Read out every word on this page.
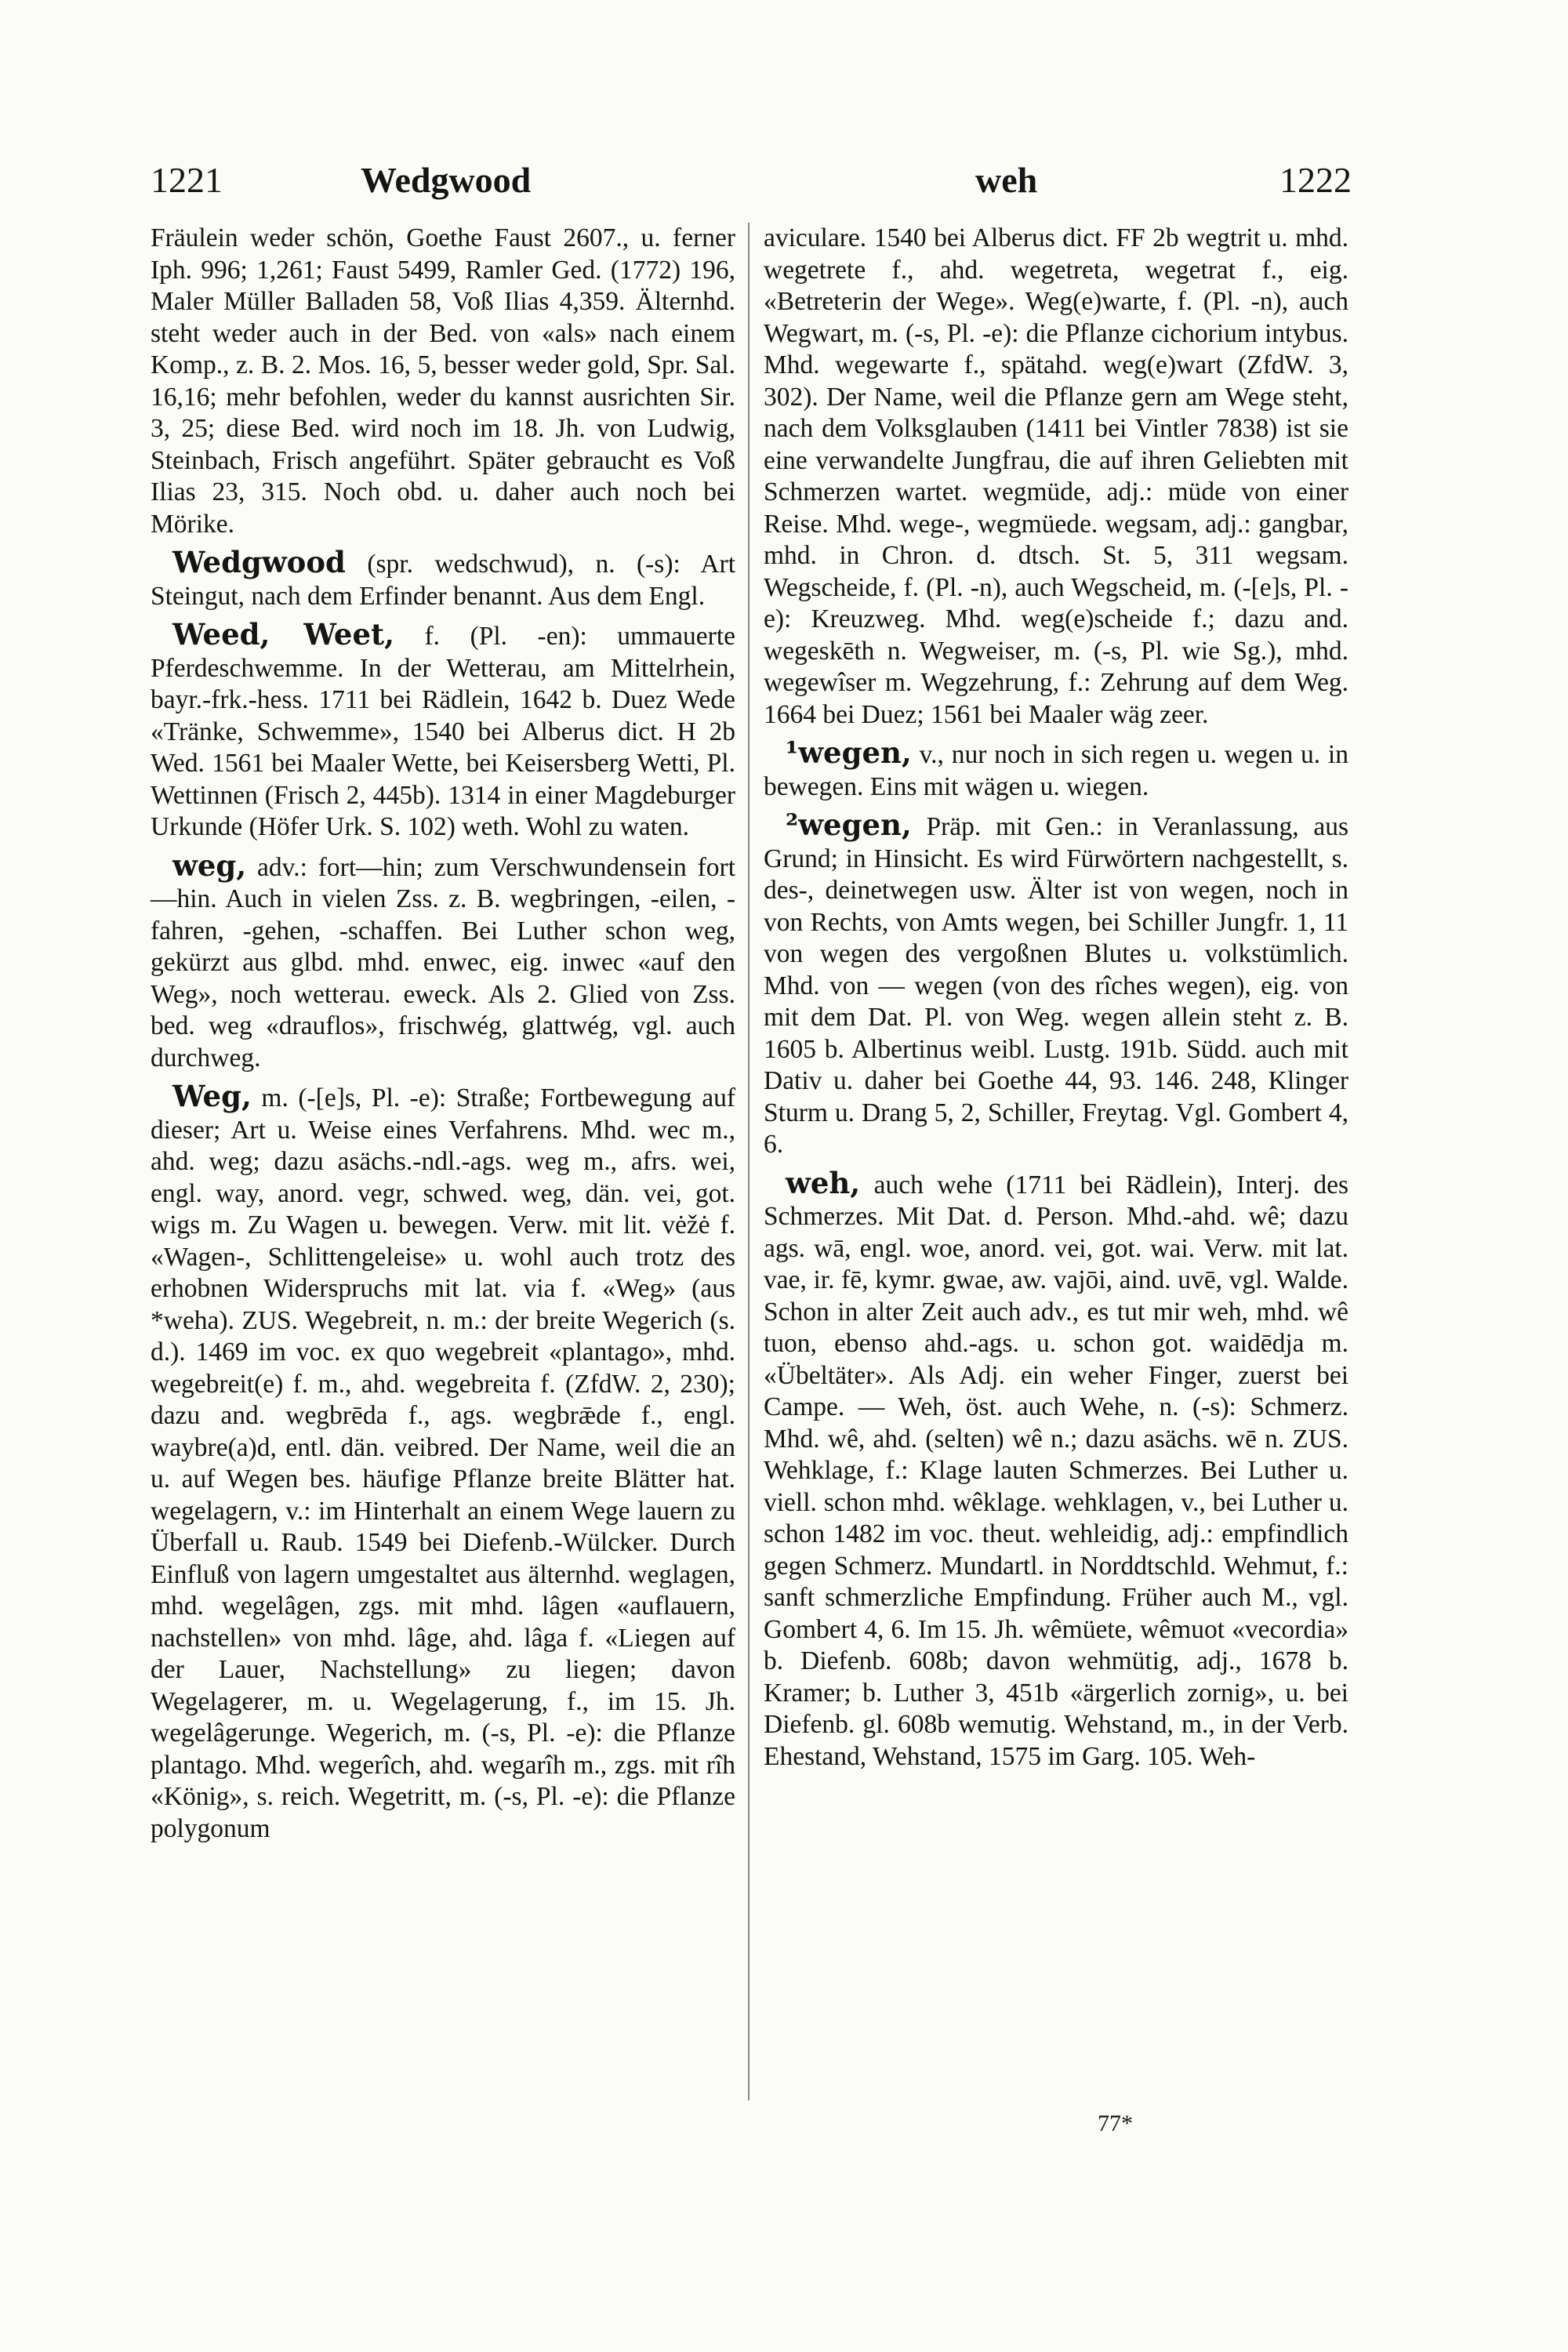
1221	Wedgwood	weh	1222

Fräulein weder schön, Goethe Faust 2607., u. ferner Iph. 996; 1,261; Faust 5499, Ramler Ged. (1772) 196, Maler Müller Balladen 58, Voß Ilias 4,359. Älternhd. steht weder auch in der Bed. von «als» nach einem Komp., z. B. 2. Mos. 16, 5, besser weder gold, Spr. Sal. 16,16; mehr befohlen, weder du kannst ausrichten Sir. 3, 25; diese Bed. wird noch im 18. Jh. von Ludwig, Steinbach, Frisch angeführt. Später gebraucht es Voß Ilias 23, 315. Noch obd. u. daher auch noch bei Mörike.

Wedgwood (spr. wedschwud), n. (-s): Art Steingut, nach dem Erfinder benannt. Aus dem Engl.

Weed, Weet, f. (Pl. -en): ummauerte Pferdeschwemme. In der Wetterau, am Mittelrhein, bayr.-frk.-hess. 1711 bei Rädlein, 1642 b. Duez Wede «Tränke, Schwemme», 1540 bei Alberus dict. H 2b Wed. 1561 bei Maaler Wette, bei Keisersberg Wetti, Pl. Wettinnen (Frisch 2, 445b). 1314 in einer Magdeburger Urkunde (Höfer Urk. S. 102) weth. Wohl zu waten.

weg, adv.: fort—hin; zum Verschwundensein fort—hin. Auch in vielen Zss. z. B. wegbringen, -eilen, -fahren, -gehen, -schaffen. Bei Luther schon weg, gekürzt aus glbd. mhd. enwec, eig. inwec «auf den Weg», noch wetterau. eweck. Als 2. Glied von Zss. bed. weg «drauflos», frischwég, glattwég, vgl. auch durchweg.

Weg, m. (-[e]s, Pl. -e): Straße; Fortbewegung auf dieser; Art u. Weise eines Verfahrens. Mhd. wec m., ahd. weg; dazu asächs.-ndl.-ags. weg m., afrs. wei, engl. way, anord. vegr, schwed. weg, dän. vei, got. wigs m. Zu Wagen u. bewegen. Verw. mit lit. vėžė f. «Wagen-, Schlittengeleise» u. wohl auch trotz des erhobnen Widerspruchs mit lat. via f. «Weg» (aus *weha). ZUS. Wegebreit, n. m.: der breite Wegerich (s. d.). 1469 im voc. ex quo wegebreit «plantago», mhd. wegebreit(e) f. m., ahd. wegebreita f. (ZfdW. 2, 230); dazu and. wegbrēda f., ags. wegbrǣde f., engl. waybre(a)d, entl. dän. veibred. Der Name, weil die an u. auf Wegen bes. häufige Pflanze breite Blätter hat. wegelagern, v.: im Hinterhalt an einem Wege lauern zu Überfall u. Raub. 1549 bei Diefenb.-Wülcker. Durch Einfluß von lagern umgestaltet aus älternhd. weglagen, mhd. wegelâgen, zgs. mit mhd. lâgen «auflauern, nachstellen» von mhd. lâge, ahd. lâga f. «Liegen auf der Lauer, Nachstellung» zu liegen; davon Wegelagerer, m. u. Wegelagerung, f., im 15. Jh. wegelâgerunge. Wegerich, m. (-s, Pl. -e): die Pflanze plantago. Mhd. wegerîch, ahd. wegarîh m., zgs. mit rîh «König», s. reich. Wegetritt, m. (-s, Pl. -e): die Pflanze polygonum

aviculare. 1540 bei Alberus dict. FF 2b wegtrit u. mhd. wegetrete f., ahd. wegetreta, wegetrat f., eig. «Betreterin der Wege». Weg(e)warte, f. (Pl. -n), auch Wegwart, m. (-s, Pl. -e): die Pflanze cichorium intybus. Mhd. wegewarte f., spätahd. weg(e)wart (ZfdW. 3, 302). Der Name, weil die Pflanze gern am Wege steht, nach dem Volksglauben (1411 bei Vintler 7838) ist sie eine verwandelte Jungfrau, die auf ihren Geliebten mit Schmerzen wartet. wegmüde, adj.: müde von einer Reise. Mhd. wege-, wegmüede. wegsam, adj.: gangbar, mhd. in Chron. d. dtsch. St. 5, 311 wegsam. Wegscheide, f. (Pl. -n), auch Wegscheid, m. (-[e]s, Pl. -e): Kreuzweg. Mhd. weg(e)scheide f.; dazu and. wegeskēth n. Wegweiser, m. (-s, Pl. wie Sg.), mhd. wegewîser m. Wegzehrung, f.: Zehrung auf dem Weg. 1664 bei Duez; 1561 bei Maaler wäg zeer.

¹wegen, v., nur noch in sich regen u. wegen u. in bewegen. Eins mit wägen u. wiegen.

²wegen, Präp. mit Gen.: in Veranlassung, aus Grund; in Hinsicht. Es wird Fürwörtern nachgestellt, s. des-, deinetwegen usw. Älter ist von wegen, noch in von Rechts, von Amts wegen, bei Schiller Jungfr. 1, 11 von wegen des vergoßnen Blutes u. volkstümlich. Mhd. von — wegen (von des rîches wegen), eig. von mit dem Dat. Pl. von Weg. wegen allein steht z. B. 1605 b. Albertinus weibl. Lustg. 191b. Südd. auch mit Dativ u. daher bei Goethe 44, 93. 146. 248, Klinger Sturm u. Drang 5, 2, Schiller, Freytag. Vgl. Gombert 4, 6.

weh, auch wehe (1711 bei Rädlein), Interj. des Schmerzes. Mit Dat. d. Person. Mhd.-ahd. wê; dazu ags. wā, engl. woe, anord. vei, got. wai. Verw. mit lat. vae, ir. fē, kymr. gwae, aw. vajōi, aind. uvē, vgl. Walde. Schon in alter Zeit auch adv., es tut mir weh, mhd. wê tuon, ebenso ahd.-ags. u. schon got. waidēdja m. «Übeltäter». Als Adj. ein weher Finger, zuerst bei Campe. — Weh, öst. auch Wehe, n. (-s): Schmerz. Mhd. wê, ahd. (selten) wê n.; dazu asächs. wē n. ZUS. Wehklage, f.: Klage lauten Schmerzes. Bei Luther u. viell. schon mhd. wêklage. wehklagen, v., bei Luther u. schon 1482 im voc. theut. wehleidig, adj.: empfindlich gegen Schmerz. Mundartl. in Norddtschld. Wehmut, f.: sanft schmerzliche Empfindung. Früher auch M., vgl. Gombert 4, 6. Im 15. Jh. wêmüete, wêmuot «vecordia» b. Diefenb. 608b; davon wehmütig, adj., 1678 b. Kramer; b. Luther 3, 451b «ärgerlich zornig», u. bei Diefenb. gl. 608b wemutig. Wehstand, m., in der Verb. Ehestand, Wehstand, 1575 im Garg. 105. Weh-

77*
